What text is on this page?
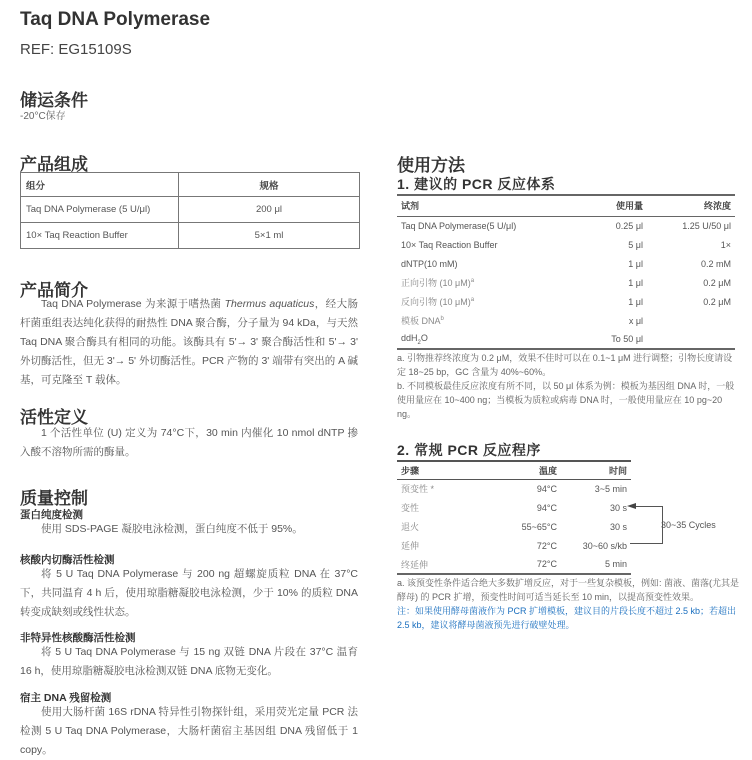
Taq DNA Polymerase
REF: EG15109S
储运条件
-20°C保存
产品组成
组分	规格
Taq DNA Polymerase (5 U/μl)	200 μl
10× Taq Reaction Buffer	5×1 ml
产品简介
Taq DNA Polymerase 为来源于嗜热菌 Thermus aquaticus，经大肠杆菌重组表达纯化获得的耐热性 DNA 聚合酶，分子量为 94 kDa，与天然 Taq DNA 聚合酶具有相同的功能。该酶具有 5'→ 3' 聚合酶活性和 5'→ 3' 外切酶活性，但无 3'→ 5' 外切酶活性。PCR 产物的 3' 端带有突出的 A 碱基，可克隆至 T 载体。
活性定义
1 个活性单位 (U) 定义为 74°C下，30 min 内催化 10 nmol dNTP 掺入酸不溶物所需的酶量。
质量控制
蛋白纯度检测
使用 SDS-PAGE 凝胶电泳检测，蛋白纯度不低于 95%。
核酸内切酶活性检测
将 5 U Taq DNA Polymerase 与 200 ng 超螺旋质粒 DNA 在 37°C下，共同温育 4 h 后，使用琼脂糖凝胶电泳检测，少于 10% 的质粒 DNA 转变成缺刻或线性状态。
非特异性核酸酶活性检测
将 5 U Taq DNA Polymerase 与 15 ng 双链 DNA 片段在 37°C 温育 16 h，使用琼脂糖凝胶电泳检测双链 DNA 底物无变化。
宿主 DNA 残留检测
使用大肠杆菌 16S rDNA 特异性引物探针组，采用荧光定量 PCR 法检测 5 U Taq DNA Polymerase，大肠杆菌宿主基因组 DNA 残留低于 1 copy。
使用方法
1. 建议的 PCR 反应体系
试剂	使用量	终浓度
Taq DNA Polymerase(5 U/μl)	0.25 μl	1.25 U/50 μl
10× Taq Reaction Buffer	5 μl	1×
dNTP(10 mM)	1 μl	0.2 mM
正向引物 (10 μM)$^a$	1 μl	0.2 μM
反向引物 (10 μM)$^a$	1 μl	0.2 μM
模板 DNA$^b$	x μl	
ddH$_2$O	To 50 μl	
a. 引物推荐终浓度为 0.2 μM，效果不佳时可以在 0.1~1 μM 进行调整；引物长度请设定 18~25 bp，GC 含量为 40%~60%。
b. 不同模板最佳反应浓度有所不同，以 50 μl 体系为例：模板为基因组 DNA 时，一般使用量应在 10~400 ng；当模板为质粒或病毒 DNA 时，一般使用量应在 10 pg~20 ng。
2. 常规 PCR 反应程序
步骤	温度	时间
预变性 *	94°C	3~5 min
变性	94°C	30 s
退火	55~65°C	30 s
延伸	72°C	30~60 s/kb
终延伸	72°C	5 min
30~35 Cycles
a. 该预变性条件适合绝大多数扩增反应，对于一些复杂模板，例如: 菌液、菌落(尤其是酵母) 的 PCR 扩增，预变性时间可适当延长至 10 min，以提高预变性效果。
注：如果使用酵母菌液作为 PCR 扩增模板，建议目的片段长度不超过 2.5 kb；若超出 2.5 kb，建议将酵母菌液预先进行破壁处理。
